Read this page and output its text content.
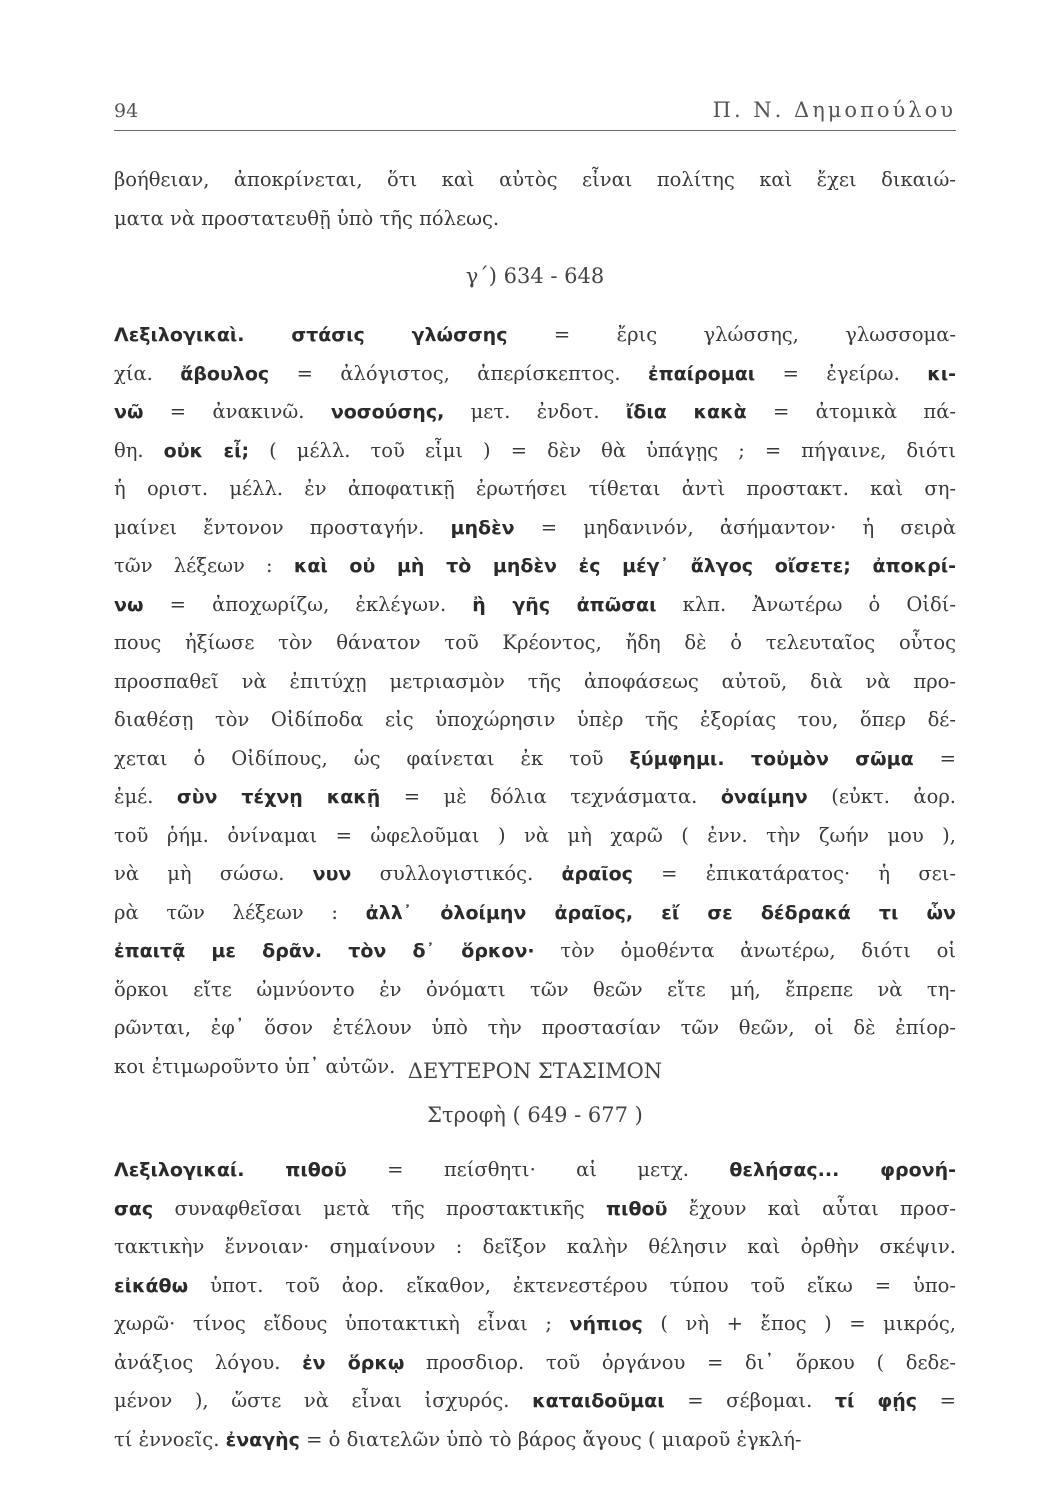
94	Π. Ν. Δημοπούλου
βοήθειαν, ἀποκρίνεται, ὅτι καὶ αὐτὸς εἶναι πολίτης καὶ ἔχει δικαιώ-
ματα νὰ προστατευθῇ ὑπὸ τῆς πόλεως.
γ΄) 634 - 648
Λεξιλογικαὶ. στάσις γλώσσης = ἔρις γλώσσης, γλωσσομα-
χία. ἄβουλος = ἀλόγιστος, ἀπερίσκεπτος. ἐπαίρομαι = ἐγείρω. κι-
νῶ = ἀνακινῶ. νοσούσης, μετ. ἐνδοτ. ἴδια κακὰ = ἀτομικὰ πά-
θη. οὐκ εἶ; ( μέλλ. τοῦ εἶμι ) = δὲν θὰ ὑπάγῃς ; = πήγαινε, διότι
ἡ οριστ. μέλλ. ἐν ἀποφατικῇ ἐρωτήσει τίθεται ἀντὶ προστακτ. καὶ ση-
μαίνει ἔντονον προσταγήν. μηδὲν = μηδανινόν, ἀσήμαντον· ἡ σειρὰ
τῶν λέξεων : καὶ οὐ μὴ τὸ μηδὲν ἐς μέγ᾽ ἄλγος οἴσετε; ἀποκρί-
νω = ἀποχωρίζω, ἐκλέγων. ἢ γῆς ἀπῶσαι κλπ. Ἀνωτέρω ὁ Οἰδί-
πους ἠξίωσε τὸν θάνατον τοῦ Κρέοντος, ἤδη δὲ ὁ τελευταῖος οὗτος
προσπαθεῖ νὰ ἐπιτύχῃ μετριασμὸν τῆς ἀποφάσεως αὐτοῦ, διὰ νὰ προ-
διαθέσῃ τὸν Οἰδίποδα εἰς ὑποχώρησιν ὑπὲρ τῆς ἐξορίας του, ὅπερ δέ-
χεται ὁ Οἰδίπους, ὡς φαίνεται ἐκ τοῦ ξύμφημι. τοὐμὸν σῶμα =
ἐμέ. σὺν τέχνῃ κακῇ = μὲ δόλια τεχνάσματα. ὀναίμην (εὐκτ. ἀορ.
τοῦ ῥήμ. ὀνίναμαι = ὠφελοῦμαι ) νὰ μὴ χαρῶ ( ἐνν. τὴν ζωήν μου ),
νὰ μὴ σώσω. νυν συλλογιστικός. ἀραῖος = ἐπικατάρατος· ἡ σει-
ρὰ τῶν λέξεων : ἀλλ᾽ ὀλοίμην ἀραῖος, εἴ σε δέδρακά τι ὧν
ἐπαιτᾷ με δρᾶν. τὸν δ᾽ ὅρκον· τὸν ὀμοθέντα ἀνωτέρω, διότι οἱ
ὅρκοι εἴτε ὠμνύοντο ἐν ὀνόματι τῶν θεῶν εἴτε μή, ἔπρεπε νὰ τη-
ρῶνται, ἐφ᾽ ὅσον ἐτέλουν ὑπὸ τὴν προστασίαν τῶν θεῶν, οἱ δὲ ἐπίορ-
κοι ἐτιμωροῦντο ὑπ᾽ αὐτῶν. ΔΕΥΤΕΡΟΝ ΣΤΑΣΙΜΟΝ
Στροφὴ ( 649 - 677 )
Λεξιλογικαί. πιθοῦ = πείσθητι· αἱ μετχ. θελήσας... φρονή-
σας συναφθεῖσαι μετὰ τῆς προστακτικῆς πιθοῦ ἔχουν καὶ αὗται προσ-
τακτικὴν ἔννοιαν· σημαίνουν : δεῖξον καλὴν θέλησιν καὶ ὀρθὴν σκέψιν.
εἰκάθω ὑποτ. τοῦ ἀορ. εἴκαθον, ἐκτενεστέρου τύπου τοῦ εἴκω = ὑπο-
χωρῶ· τίνος εἴδους ὑποτακτικὴ εἶναι ; νήπιος ( νὴ + ἔπος ) = μικρός,
ἀνάξιος λόγου. ἐν ὅρκῳ προσδιορ. τοῦ ὀργάνου = δι᾽ ὅρκου ( δεδε-
μένον ), ὥστε νὰ εἶναι ἰσχυρός. καταιδοῦμαι = σέβομαι. τί φῄς =
τί ἐννοεῖς. ἐναγὴς = ὁ διατελῶν ὑπὸ τὸ βάρος ἄγους ( μιαροῦ ἐγκλή-
